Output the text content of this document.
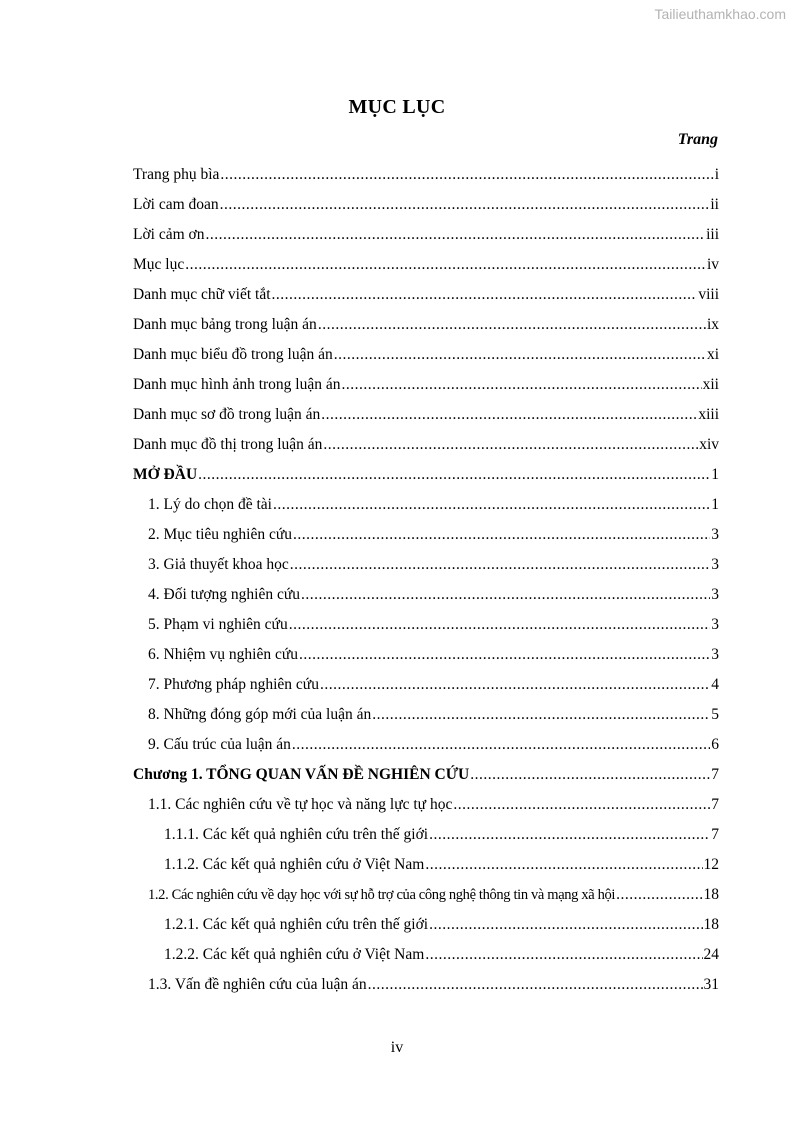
Tailieuthamkhao.com
MỤC LỤC
Trang
Trang phụ bìa .....	i
Lời cam đoan .....	ii
Lời cảm ơn .....	iii
Mục lục .....	iv
Danh mục chữ viết tắt .....	viii
Danh mục bảng trong luận án .....	ix
Danh mục biểu đồ trong luận án .....	xi
Danh mục hình ảnh trong luận án .....	xii
Danh mục sơ đồ trong luận án .....	xiii
Danh mục đồ thị trong luận án .....	xiv
MỞ ĐẦU .....	1
1. Lý do chọn đề tài .....	1
2. Mục tiêu nghiên cứu .....	3
3. Giả thuyết khoa học .....	3
4. Đối tượng nghiên cứu .....	3
5. Phạm vi nghiên cứu .....	3
6. Nhiệm vụ nghiên cứu .....	3
7. Phương pháp nghiên cứu .....	4
8. Những đóng góp mới của luận án .....	5
9. Cấu trúc của luận án .....	6
Chương 1. TỔNG QUAN VẤN ĐỀ NGHIÊN CỨU .....	7
1.1. Các nghiên cứu về tự học và năng lực tự học .....	7
1.1.1. Các kết quả nghiên cứu trên thế giới .....	7
1.1.2. Các kết quả nghiên cứu ở Việt Nam .....	12
1.2. Các nghiên cứu về dạy học với sự hỗ trợ của công nghệ thông tin và mạng xã hội .....	18
1.2.1. Các kết quả nghiên cứu trên thế giới .....	18
1.2.2. Các kết quả nghiên cứu ở Việt Nam .....	24
1.3. Vấn đề nghiên cứu của luận án .....	31
iv
